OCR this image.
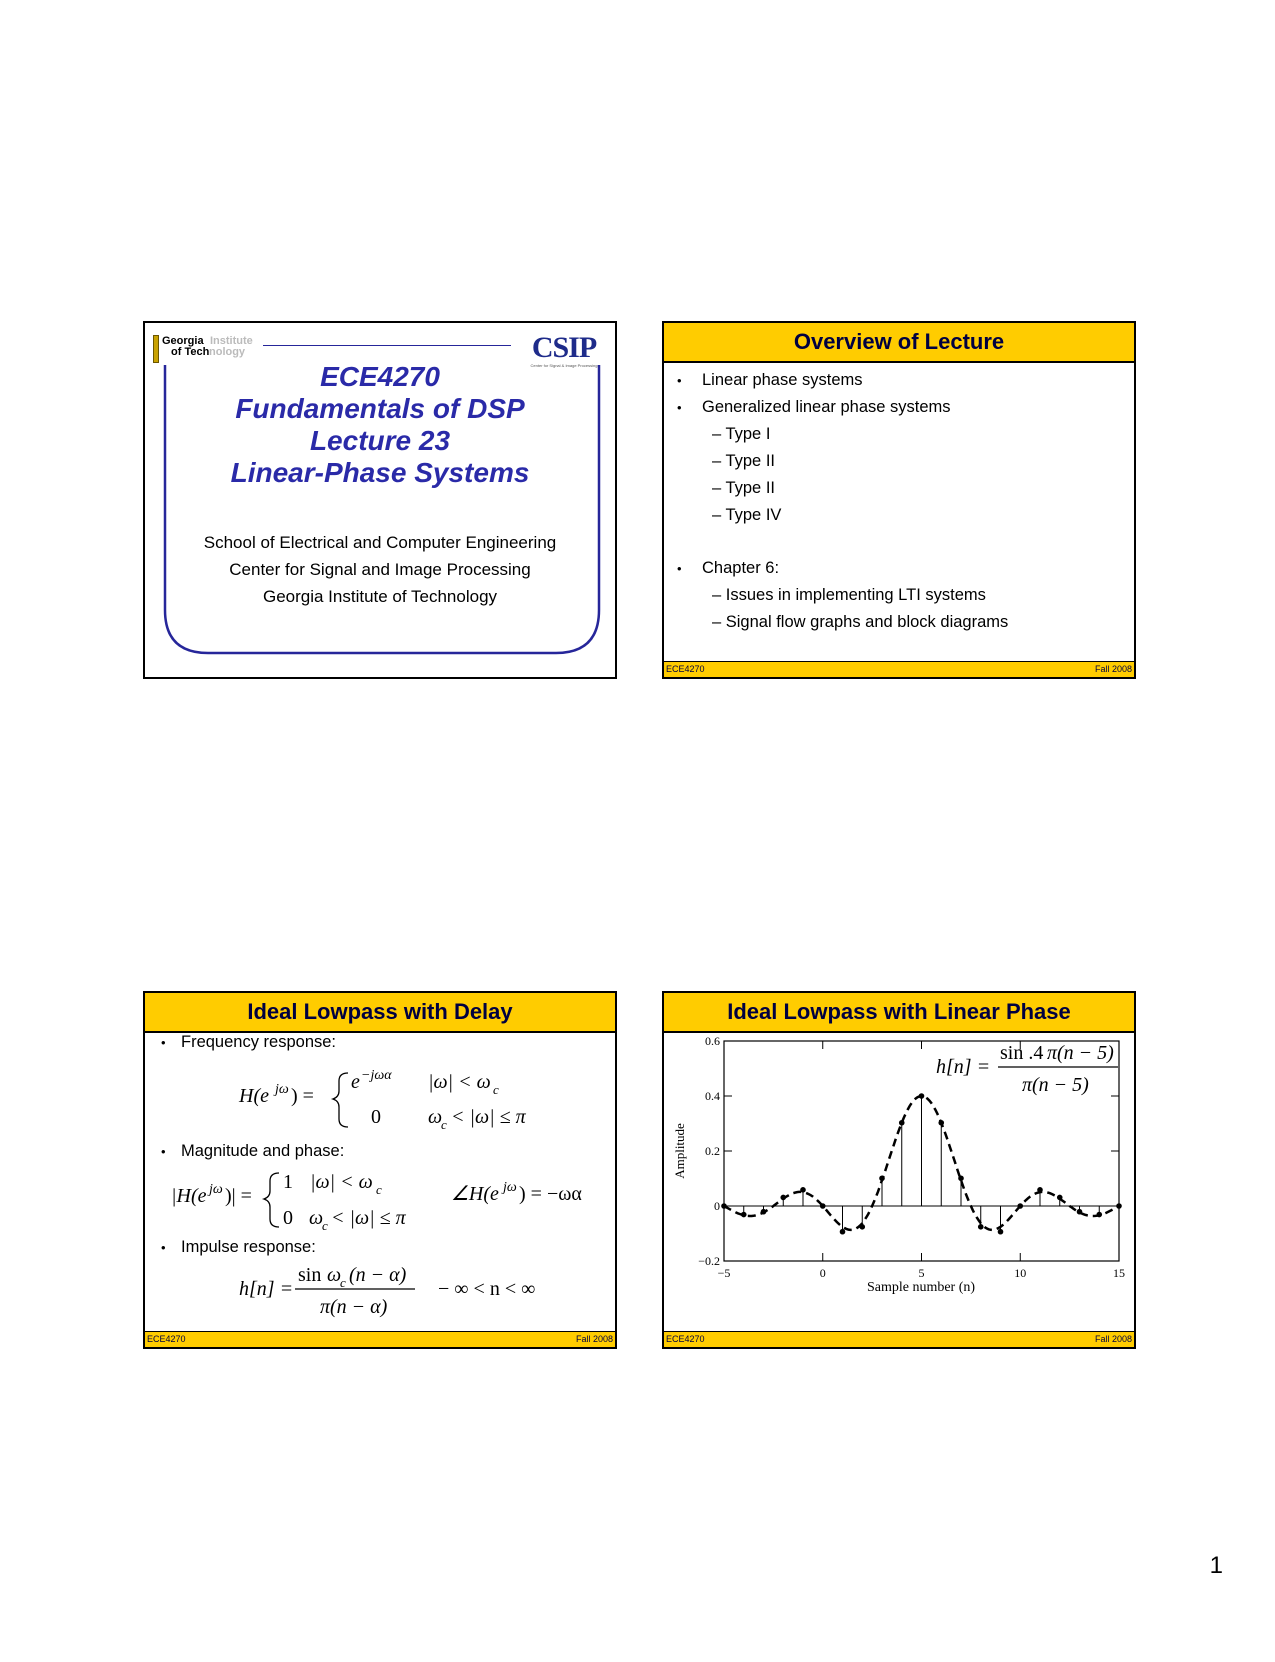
Georgia Institute
of Tech nology	CSIP
Center for Signal & Image Processing
ECE4270
Fundamentals of DSP
Lecture 23
Linear-Phase Systems
School of Electrical and Computer Engineering
Center for Signal and Image Processing
Georgia Institute of Technology
Overview of Lecture
• Linear phase systems
• Generalized linear phase systems
– Type I
– Type II
– Type II
– Type IV
• Chapter 6:
– Issues in implementing LTI systems
– Signal flow graphs and block diagrams
ECE4270	Fall 2008
Ideal Lowpass with Delay
• Frequency response:
• Magnitude and phase:
• Impulse response:
H(e jω ) =
e −jωα |ω| < ω c
0 ω
c < |ω| ≤ π
|H(e jω )| =
1 |ω| < ω c
0 ω
c < |ω| ≤ π
∠H(e jω ) = −ωα
h[n] =
sin ω
c (n − α)
π(n − α)
− ∞ < n < ∞
ECE4270	Fall 2008
Ideal Lowpass with Linear Phase
−5	0	5	10	15
−0.2
0
0.2
0.4
0.6
Amplitude
Sample number (n)
h[n] =
sin .4 π(n − 5)
π(n − 5)
ECE4270	Fall 2008
1
